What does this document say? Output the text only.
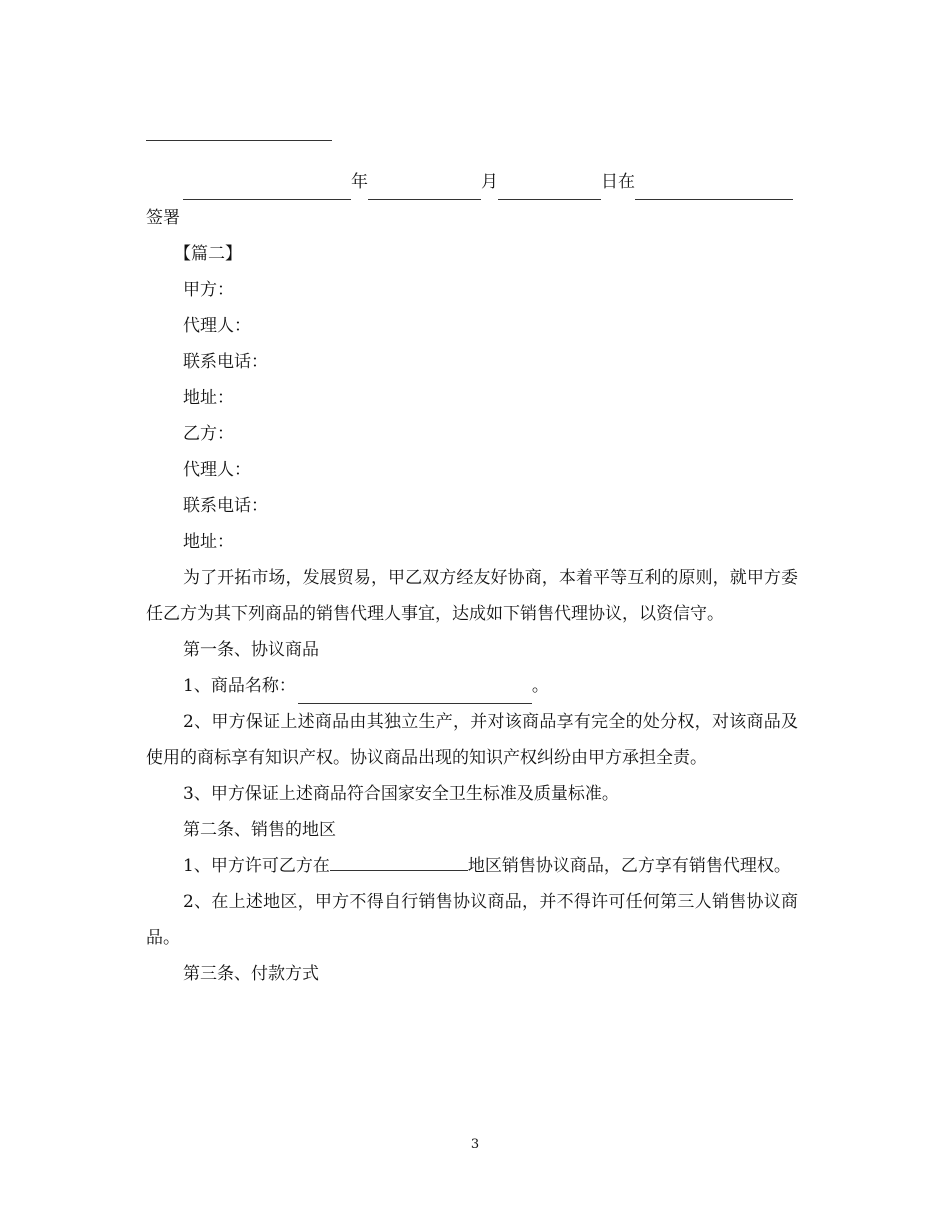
年	月	日在
签署
【篇二】
甲方：
代理人：
联系电话：
地址：
乙方：
代理人：
联系电话：
地址：
为了开拓市场，发展贸易，甲乙双方经友好协商，本着平等互利的原则，就甲方委任乙方为其下列商品的销售代理人事宜，达成如下销售代理协议，以资信守。
第一条、协议商品
1、商品名称：	。
2、甲方保证上述商品由其独立生产，并对该商品享有完全的处分权，对该商品及使用的商标享有知识产权。协议商品出现的知识产权纠纷由甲方承担全责。
3、甲方保证上述商品符合国家安全卫生标准及质量标准。
第二条、销售的地区
1、甲方许可乙方在	地区销售协议商品，乙方享有销售代理权。
2、在上述地区，甲方不得自行销售协议商品，并不得许可任何第三人销售协议商品。
第三条、付款方式
3
